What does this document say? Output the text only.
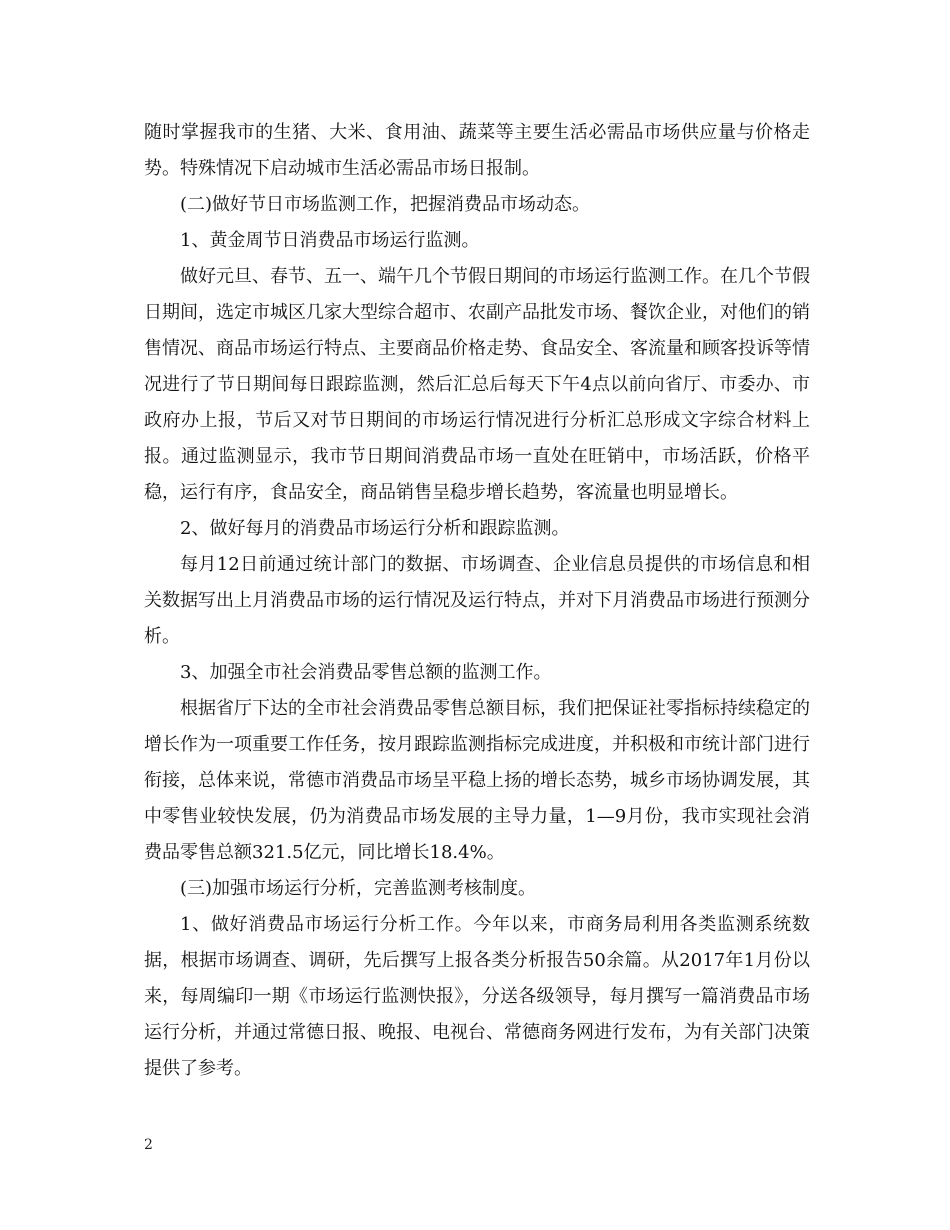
随时掌握我市的生猪、大米、食用油、蔬菜等主要生活必需品市场供应量与价格走势。特殊情况下启动城市生活必需品市场日报制。

(二)做好节日市场监测工作，把握消费品市场动态。

1、黄金周节日消费品市场运行监测。

做好元旦、春节、五一、端午几个节假日期间的市场运行监测工作。在几个节假日期间，选定市城区几家大型综合超市、农副产品批发市场、餐饮企业，对他们的销售情况、商品市场运行特点、主要商品价格走势、食品安全、客流量和顾客投诉等情况进行了节日期间每日跟踪监测，然后汇总后每天下午4点以前向省厅、市委办、市政府办上报，节后又对节日期间的市场运行情况进行分析汇总形成文字综合材料上报。通过监测显示，我市节日期间消费品市场一直处在旺销中，市场活跃，价格平稳，运行有序，食品安全，商品销售呈稳步增长趋势，客流量也明显增长。

2、做好每月的消费品市场运行分析和跟踪监测。

每月12日前通过统计部门的数据、市场调查、企业信息员提供的市场信息和相关数据写出上月消费品市场的运行情况及运行特点，并对下月消费品市场进行预测分析。

3、加强全市社会消费品零售总额的监测工作。

根据省厅下达的全市社会消费品零售总额目标，我们把保证社零指标持续稳定的增长作为一项重要工作任务，按月跟踪监测指标完成进度，并积极和市统计部门进行衔接，总体来说，常德市消费品市场呈平稳上扬的增长态势，城乡市场协调发展，其中零售业较快发展，仍为消费品市场发展的主导力量，1—9月份，我市实现社会消费品零售总额321.5亿元，同比增长18.4%。

(三)加强市场运行分析，完善监测考核制度。

1、做好消费品市场运行分析工作。今年以来，市商务局利用各类监测系统数据，根据市场调查、调研，先后撰写上报各类分析报告50余篇。从2017年1月份以来，每周编印一期《市场运行监测快报》，分送各级领导，每月撰写一篇消费品市场运行分析，并通过常德日报、晚报、电视台、常德商务网进行发布，为有关部门决策提供了参考。

2
